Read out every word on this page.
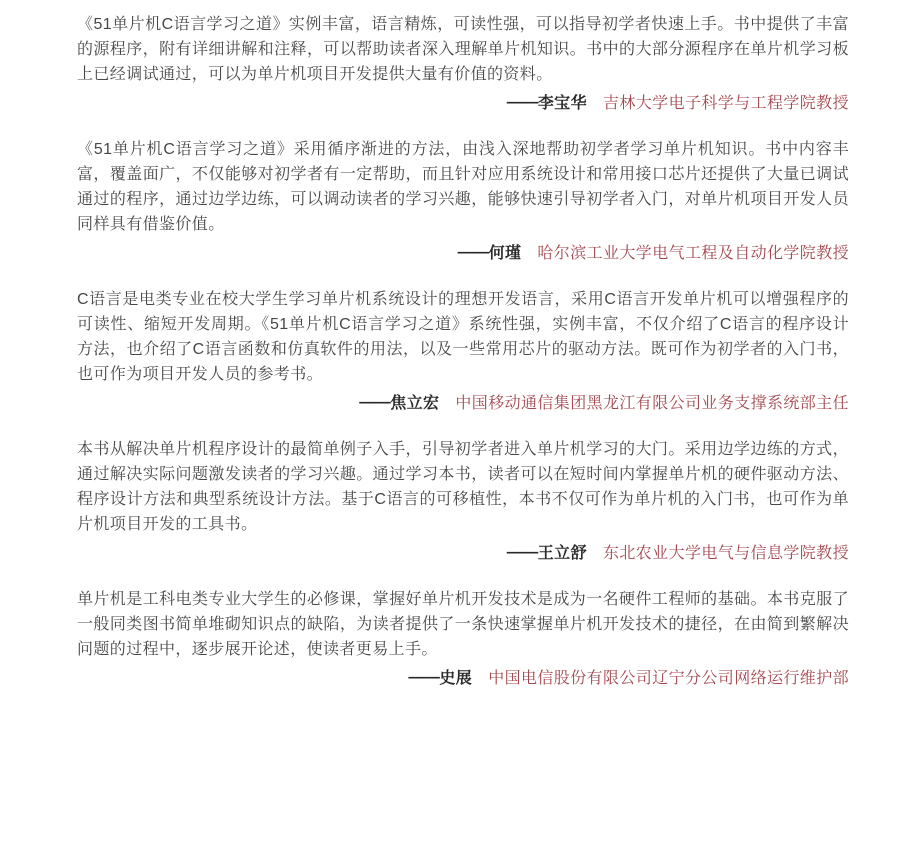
《51单片机C语言学习之道》实例丰富，语言精炼，可读性强，可以指导初学者快速上手。书中提供了丰富的源程序，附有详细讲解和注释，可以帮助读者深入理解单片机知识。书中的大部分源程序在单片机学习板上已经调试通过，可以为单片机项目开发提供大量有价值的资料。

——李宝华 吉林大学电子科学与工程学院教授

《51单片机C语言学习之道》采用循序渐进的方法，由浅入深地帮助初学者学习单片机知识。书中内容丰富，覆盖面广，不仅能够对初学者有一定帮助，而且针对应用系统设计和常用接口芯片还提供了大量已调试通过的程序，通过边学边练，可以调动读者的学习兴趣，能够快速引导初学者入门，对单片机项目开发人员同样具有借鉴价值。

——何瑾 哈尔滨工业大学电气工程及自动化学院教授

C语言是电类专业在校大学生学习单片机系统设计的理想开发语言，采用C语言开发单片机可以增强程序的可读性、缩短开发周期。《51单片机C语言学习之道》系统性强，实例丰富，不仅介绍了C语言的程序设计方法，也介绍了C语言函数和仿真软件的用法，以及一些常用芯片的驱动方法。既可作为初学者的入门书，也可作为项目开发人员的参考书。

——焦立宏 中国移动通信集团黑龙江有限公司业务支撑系统部主任

本书从解决单片机程序设计的最简单例子入手，引导初学者进入单片机学习的大门。采用边学边练的方式，通过解决实际问题激发读者的学习兴趣。通过学习本书，读者可以在短时间内掌握单片机的硬件驱动方法、程序设计方法和典型系统设计方法。基于C语言的可移植性，本书不仅可作为单片机的入门书，也可作为单片机项目开发的工具书。

——王立舒 东北农业大学电气与信息学院教授

单片机是工科电类专业大学生的必修课，掌握好单片机开发技术是成为一名硬件工程师的基础。本书克服了一般同类图书简单堆砌知识点的缺陷，为读者提供了一条快速掌握单片机开发技术的捷径，在由简到繁解决问题的过程中，逐步展开论述，使读者更易上手。

——史展 中国电信股份有限公司辽宁分公司网络运行维护部
